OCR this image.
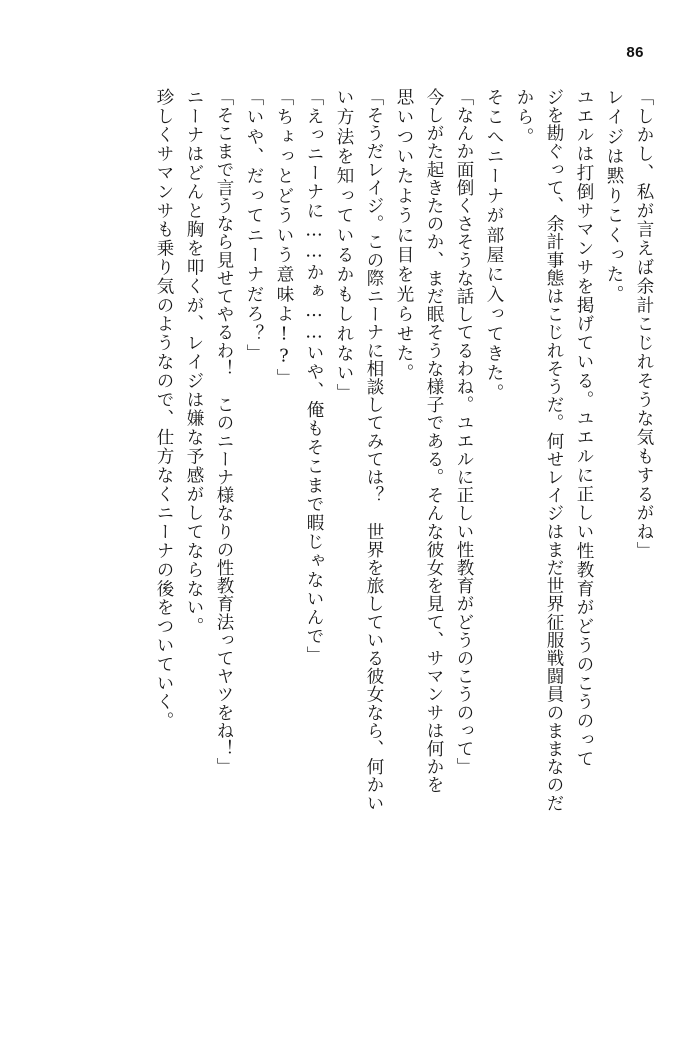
86
「しかし、私が言えば余計こじれそうな気もするがね」
レイジは黙りこくった。
ユエルは打倒サマンサを掲げている。ユエルに正しい性教育がどうのこうのって
ジを勘ぐって、余計事態はこじれそうだ。何せレイジはまだ世界征服戦闘員のままなのだ
から。
そこへニーナが部屋に入ってきた。
「なんか面倒くさそうな話してるわね。ユエルに正しい性教育がどうのこうのって」
今しがた起きたのか、まだ眠そうな様子である。そんな彼女を見て、サマンサは何かを
思いついたように目を光らせた。
「そうだレイジ。この際ニーナに相談してみては？　世界を旅している彼女なら、何かい
い方法を知っているかもしれない」
「えっニーナに……かぁ……いや、俺もそこまで暇じゃないんで」
「ちょっとどういう意味よ!?」
「いや、だってニーナだろ？」
「そこまで言うなら見せてやるわ！　このニーナ様なりの性教育法ってヤツをね！」
ニーナはどんと胸を叩くが、レイジは嫌な予感がしてならない。
珍しくサマンサも乗り気のようなので、仕方なくニーナの後をついていく。
